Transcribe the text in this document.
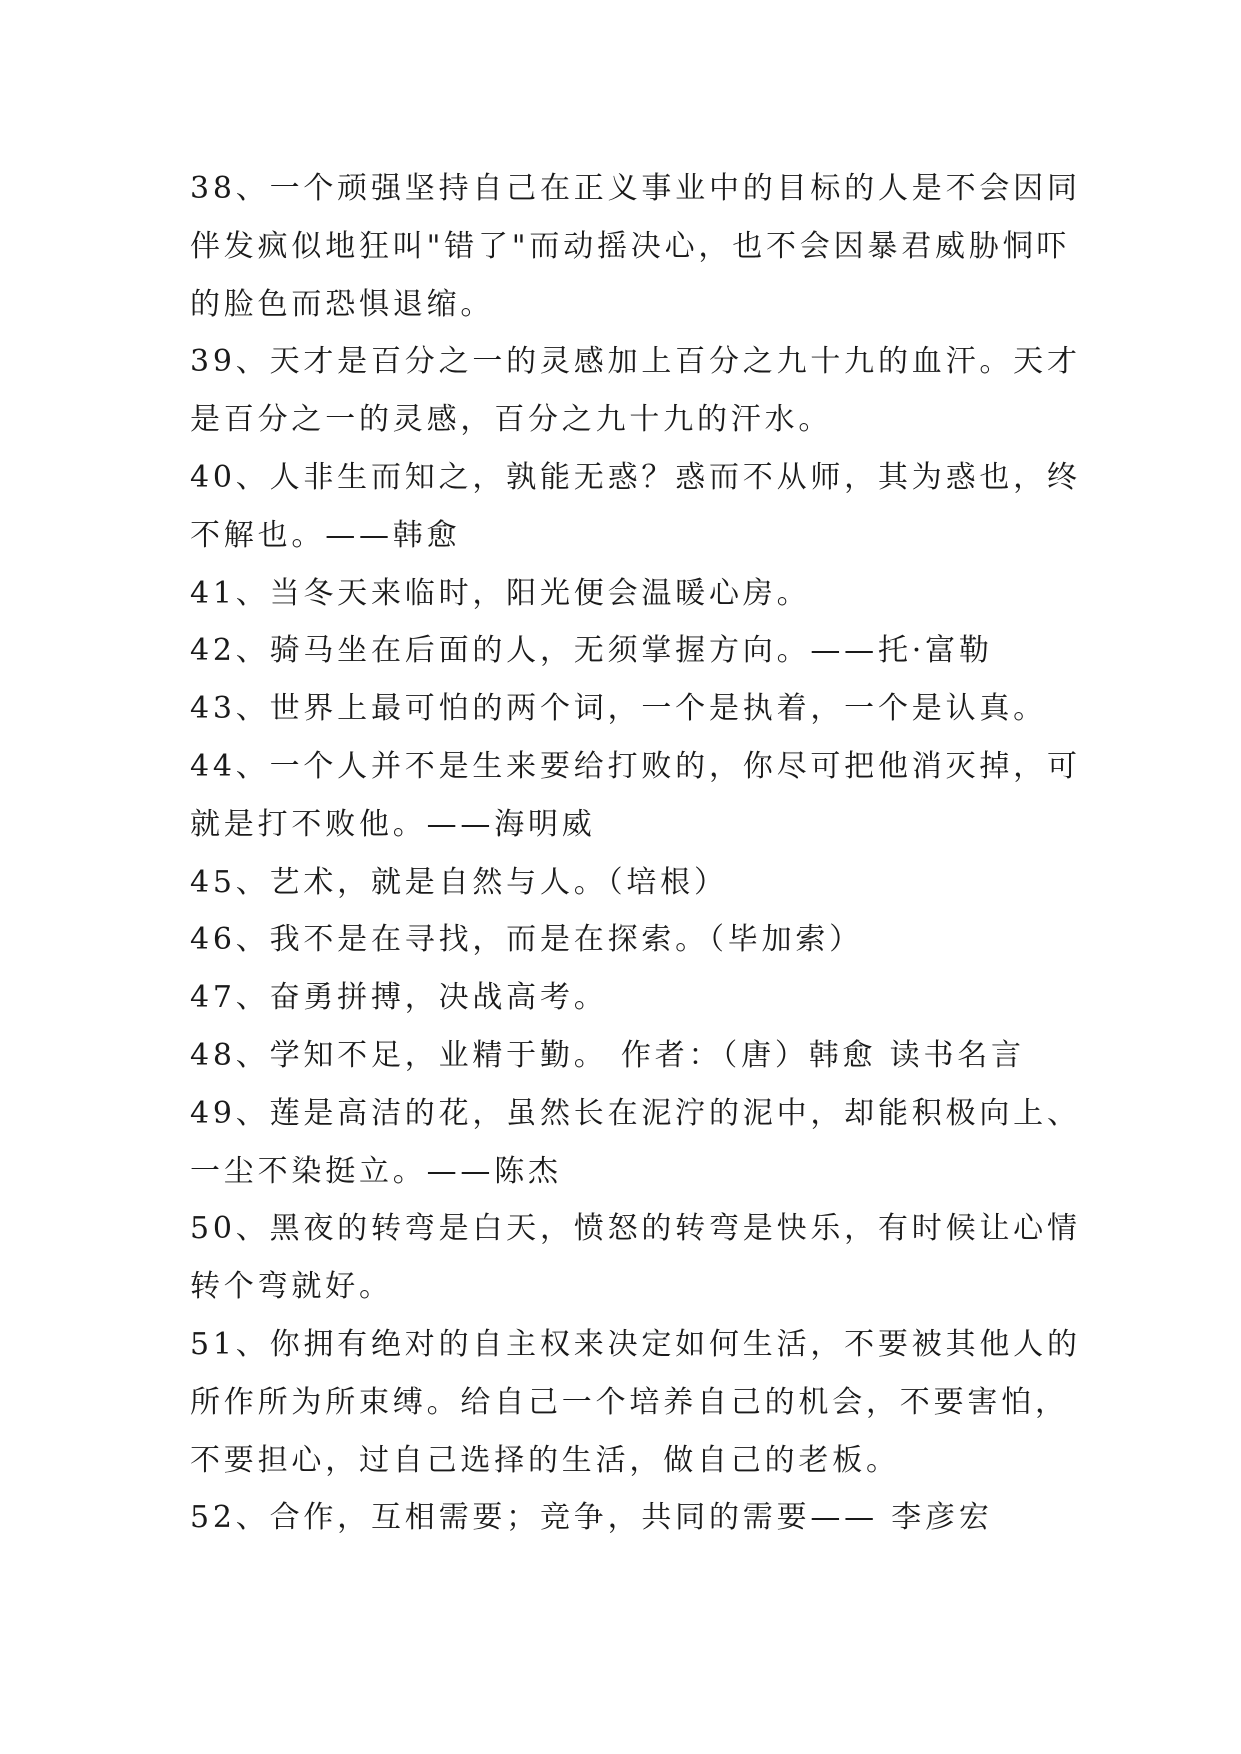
38、一个顽强坚持自己在正义事业中的目标的人是不会因同
伴发疯似地狂叫"错了"而动摇决心，也不会因暴君威胁恫吓
的脸色而恐惧退缩。
39、天才是百分之一的灵感加上百分之九十九的血汗。天才
是百分之一的灵感，百分之九十九的汗水。
40、人非生而知之，孰能无惑？惑而不从师，其为惑也，终
不解也。——韩愈
41、当冬天来临时，阳光便会温暖心房。
42、骑马坐在后面的人，无须掌握方向。——托·富勒
43、世界上最可怕的两个词，一个是执着，一个是认真。
44、一个人并不是生来要给打败的，你尽可把他消灭掉，可
就是打不败他。——海明威
45、艺术，就是自然与人。（培根）
46、我不是在寻找，而是在探索。（毕加索）
47、奋勇拼搏，决战高考。
48、学知不足，业精于勤。 作者：（唐）韩愈 读书名言
49、莲是高洁的花，虽然长在泥泞的泥中，却能积极向上、
一尘不染挺立。——陈杰
50、黑夜的转弯是白天，愤怒的转弯是快乐，有时候让心情
转个弯就好。
51、你拥有绝对的自主权来决定如何生活，不要被其他人的
所作所为所束缚。给自己一个培养自己的机会，不要害怕，
不要担心，过自己选择的生活，做自己的老板。
52、合作，互相需要；竞争，共同的需要—— 李彦宏
